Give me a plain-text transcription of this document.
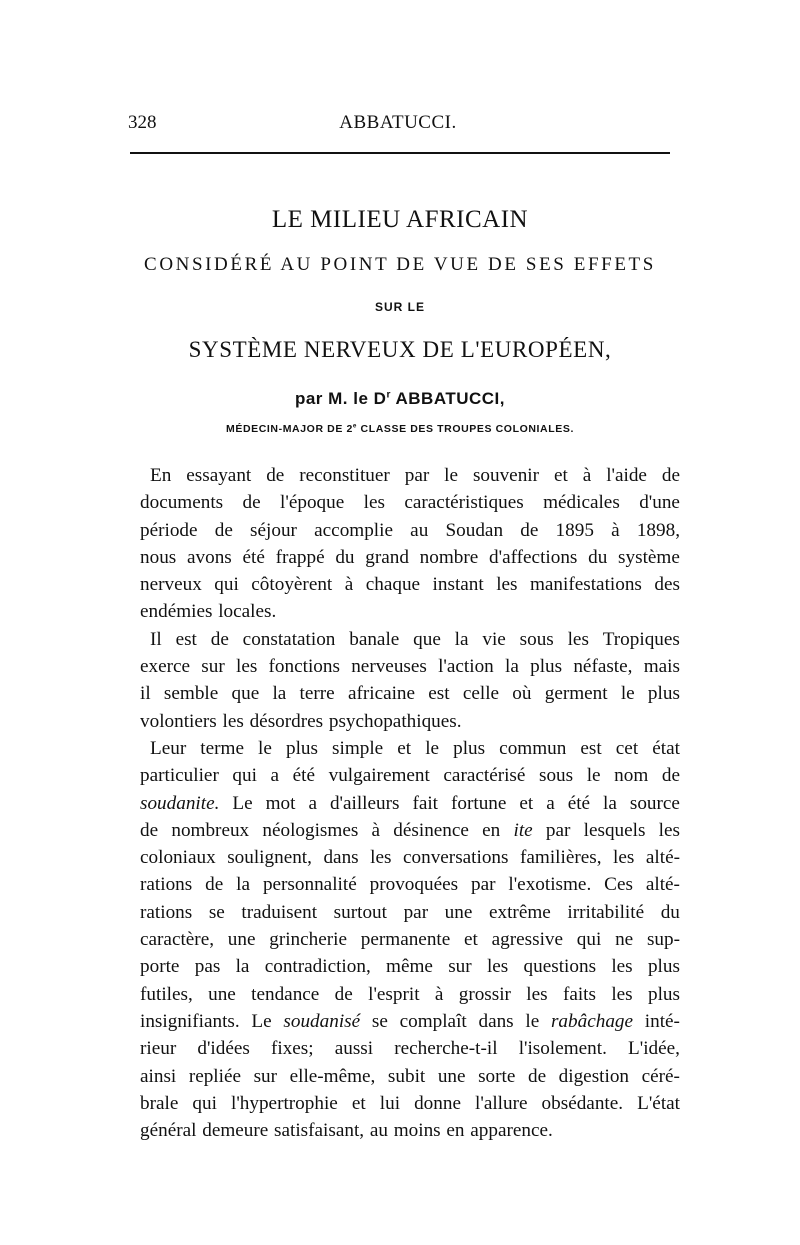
328	ABBATUCCI.
LE MILIEU AFRICAIN
CONSIDÉRÉ AU POINT DE VUE DE SES EFFETS
SUR LE
SYSTÈME NERVEUX DE L'EUROPÉEN,
par M. le $D^r$ ABBATUCCI,
MÉDECIN-MAJOR DE 2e CLASSE DES TROUPES COLONIALES.
En essayant de reconstituer par le souvenir et à l'aide de
documents de l'époque les caractéristiques médicales d'une
période de séjour accomplie au Soudan de 1895 à 1898,
nous avons été frappé du grand nombre d'affections du système
nerveux qui côtoyèrent à chaque instant les manifestations des
endémies locales.
Il est de constatation banale que la vie sous les Tropiques
exerce sur les fonctions nerveuses l'action la plus néfaste, mais
il semble que la terre africaine est celle où germent le plus
volontiers les désordres psychopathiques.
Leur terme le plus simple et le plus commun est cet état
particulier qui a été vulgairement caractérisé sous le nom de
soudanite. Le mot a d'ailleurs fait fortune et a été la source
de nombreux néologismes à désinence en ite par lesquels les
coloniaux soulignent, dans les conversations familières, les alté-
rations de la personnalité provoquées par l'exotisme. Ces alté-
rations se traduisent surtout par une extrême irritabilité du
caractère, une grincherie permanente et agressive qui ne sup-
porte pas la contradiction, même sur les questions les plus
futiles, une tendance de l'esprit à grossir les faits les plus
insignifiants. Le soudanisé se complaît dans le rabâchage inté-
rieur d'idées fixes; aussi recherche-t-il l'isolement. L'idée,
ainsi repliée sur elle-même, subit une sorte de digestion céré-
brale qui l'hypertrophie et lui donne l'allure obsédante. L'état
général demeure satisfaisant, au moins en apparence.
